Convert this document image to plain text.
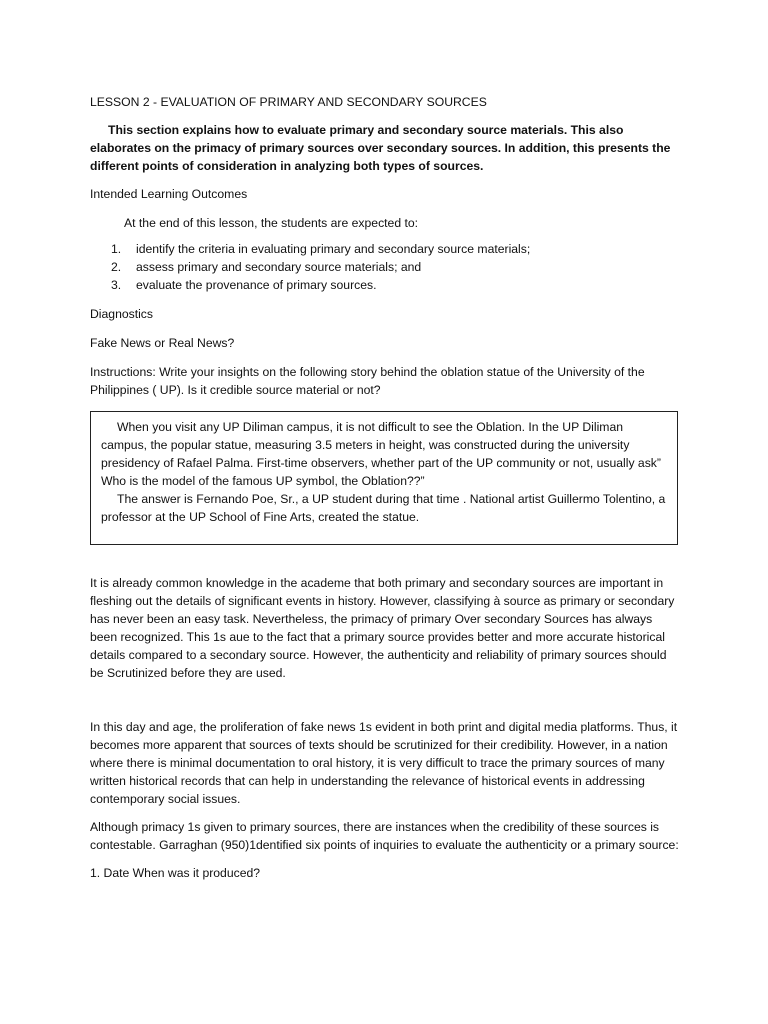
LESSON 2 - EVALUATION OF PRIMARY AND SECONDARY SOURCES

This section explains how to evaluate primary and secondary source materials. This also elaborates on the primacy of primary sources over secondary sources. In addition, this presents the different points of consideration in analyzing both types of sources.

Intended Learning Outcomes

At the end of this lesson, the students are expected to:

1.	identify the criteria in evaluating primary and secondary source materials;
2.	assess primary and secondary source materials; and
3.	evaluate the provenance of primary sources.

Diagnostics

Fake News or Real News?

Instructions: Write your insights on the following story behind the oblation statue of the University of the Philippines ( UP). Is it credible source material or not?

When you visit any UP Diliman campus, it is not difficult to see the Oblation. In the UP Diliman campus, the popular statue, measuring 3.5 meters in height, was constructed during the university presidency of Rafael Palma. First-time observers, whether part of the UP community or not, usually ask” Who is the model of the famous UP symbol, the Oblation??”

The answer is Fernando Poe, Sr., a UP student during that time . National artist Guillermo Tolentino, a professor at the UP School of Fine Arts, created the statue.

It is already common knowledge in the academe that both primary and secondary sources are important in fleshing out the details of significant events in history. However, classifying à source as primary or secondary has never been an easy task. Nevertheless, the primacy of primary Over secondary Sources has always been recognized. This 1s aue to the fact that a primary source provides better and more accurate historical details compared to a secondary source. However, the authenticity and reliability of primary sources should be Scrutinized before they are used.

In this day and age, the proliferation of fake news 1s evident in both print and digital media platforms. Thus, it becomes more apparent that sources of texts should be scrutinized for their credibility. However, in a nation where there is minimal documentation to oral history, it is very difficult to trace the primary sources of many written historical records that can help in understanding the relevance of historical events in addressing contemporary social issues.

Although primacy 1s given to primary sources, there are instances when the credibility of these sources is contestable. Garraghan (950)1dentified six points of inquiries to evaluate the authenticity or a primary source:

1. Date When was it produced?
